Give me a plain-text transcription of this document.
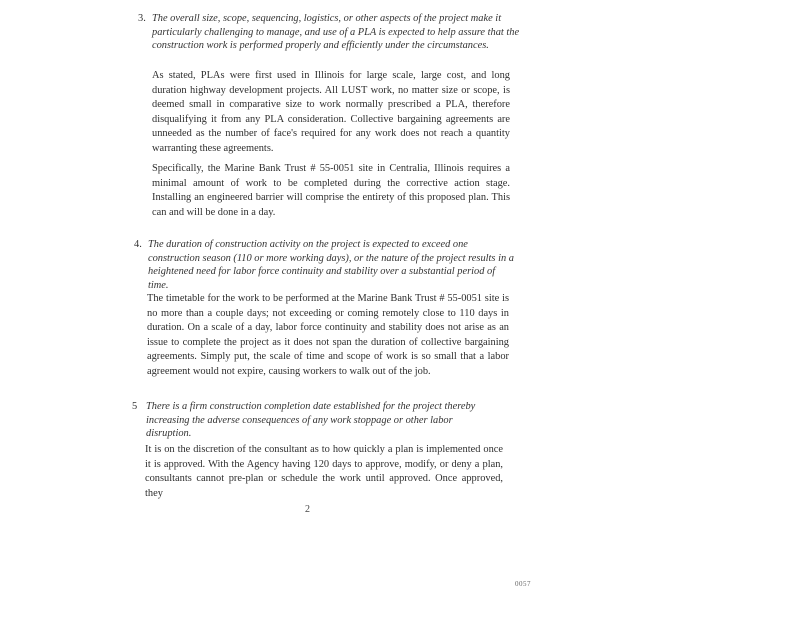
3. The overall size, scope, sequencing, logistics, or other aspects of the project make it particularly challenging to manage, and use of a PLA is expected to help assure that the construction work is performed properly and efficiently under the circumstances.
As stated, PLAs were first used in Illinois for large scale, large cost, and long duration highway development projects. All LUST work, no matter size or scope, is deemed small in comparative size to work normally prescribed a PLA, therefore disqualifying it from any PLA consideration. Collective bargaining agreements are unneeded as the number of face's required for any work does not reach a quantity warranting these agreements.
Specifically, the Marine Bank Trust # 55-0051 site in Centralia, Illinois requires a minimal amount of work to be completed during the corrective action stage. Installing an engineered barrier will comprise the entirety of this proposed plan. This can and will be done in a day.
4. The duration of construction activity on the project is expected to exceed one construction season (110 or more working days), or the nature of the project results in a heightened need for labor force continuity and stability over a substantial period of time.
The timetable for the work to be performed at the Marine Bank Trust # 55-0051 site is no more than a couple days; not exceeding or coming remotely close to 110 days in duration. On a scale of a day, labor force continuity and stability does not arise as an issue to complete the project as it does not span the duration of collective bargaining agreements. Simply put, the scale of time and scope of work is so small that a labor agreement would not expire, causing workers to walk out of the job.
5 There is a firm construction completion date established for the project thereby increasing the adverse consequences of any work stoppage or other labor disruption.
It is on the discretion of the consultant as to how quickly a plan is implemented once it is approved. With the Agency having 120 days to approve, modify, or deny a plan, consultants cannot pre-plan or schedule the work until approved. Once approved, they
2
0057
